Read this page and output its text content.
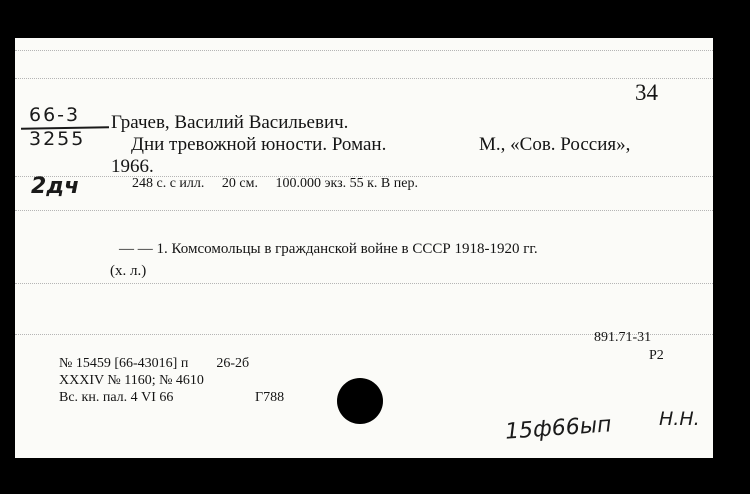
34
66-3
3255
2дч
Грачев, Василий Васильевич.
Дни тревожной юности. Роман.	М., «Сов. Россия»,
1966.
248 с. с илл.     20 см.     100.000 экз. 55 к. В пер.
— — 1. Комсомольцы в гражданской войне в СССР 1918-1920 гг.
(х. л.)
891.71-31
Р2
№ 15459 [66-43016] п        26-2б
XXXIV № 1160; № 4610
Вс. кн. пал. 4 VI 66	Г788
15ф66ып Н.Н.
